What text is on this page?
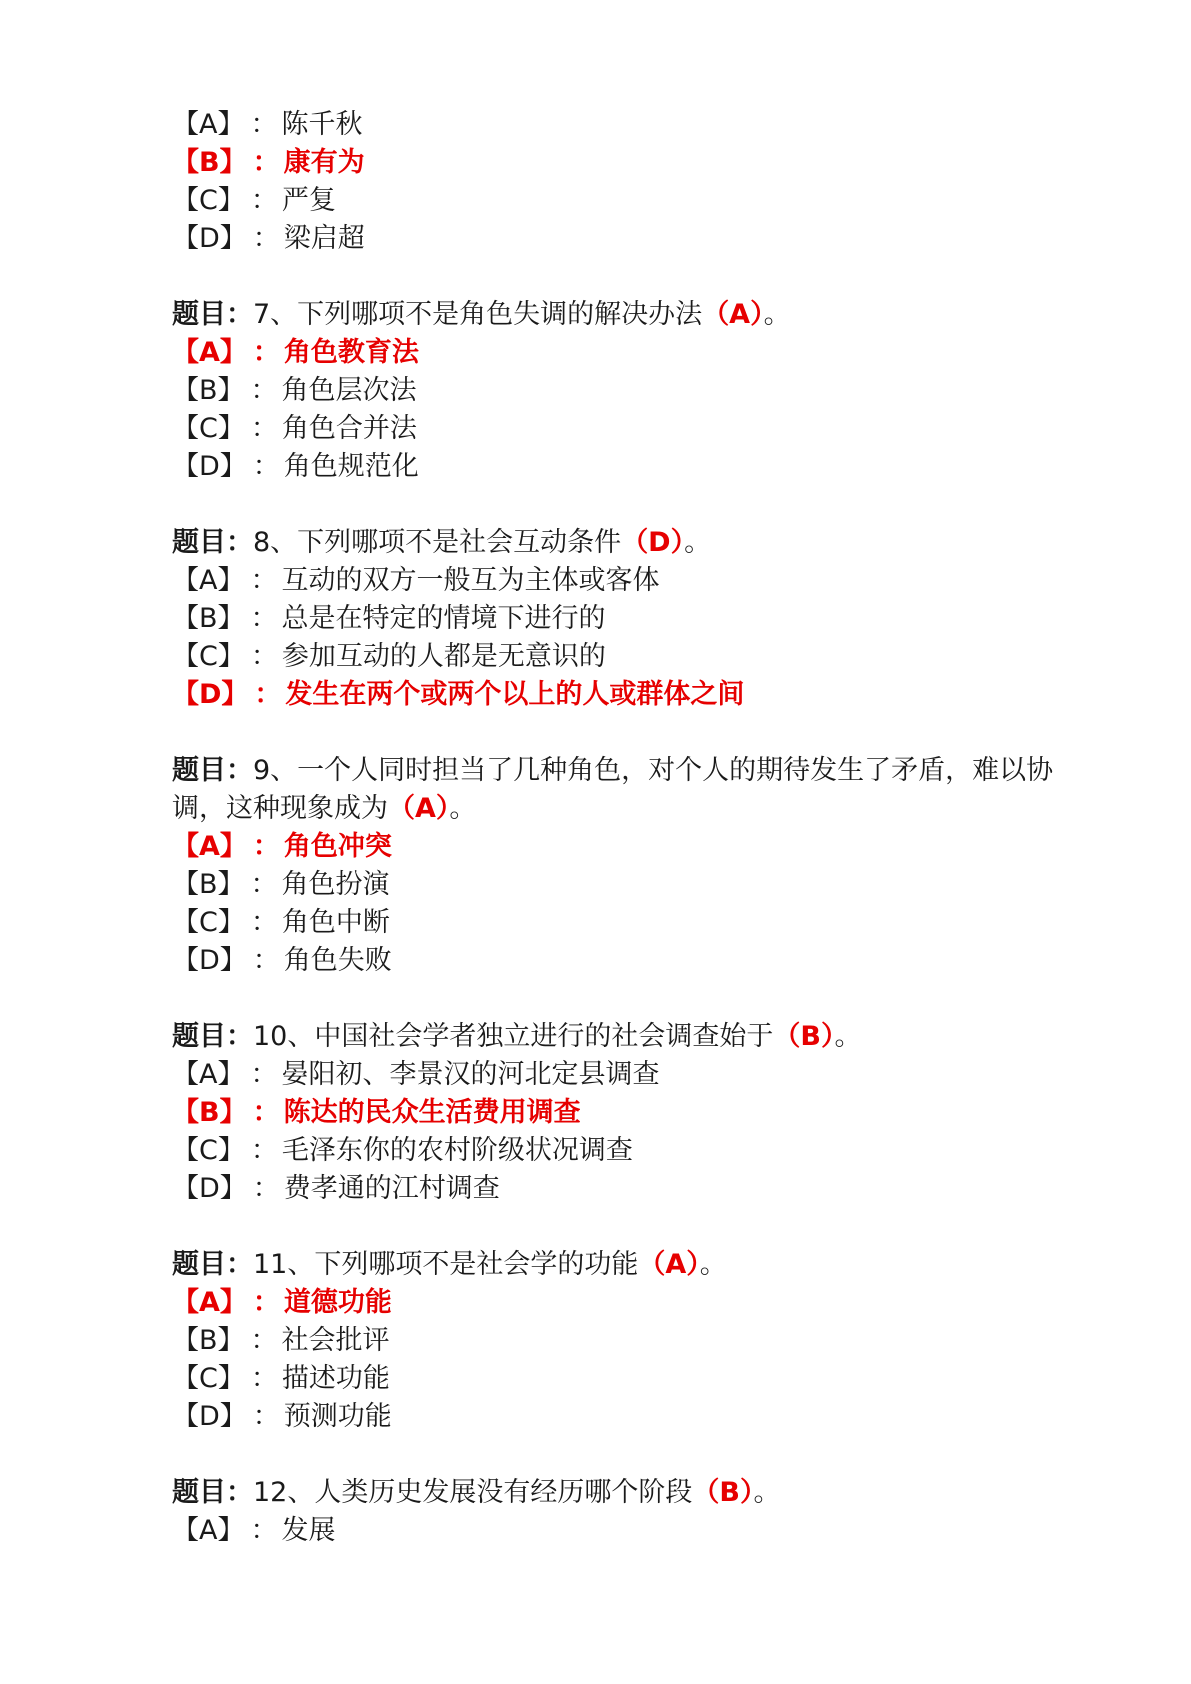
【A】 ： 陈千秋
【B】 ： 康有为
【C】 ： 严复
【D】 ： 梁启超
题目：7、下列哪项不是角色失调的解决办法（A）。
【A】 ： 角色教育法
【B】 ： 角色层次法
【C】 ： 角色合并法
【D】 ： 角色规范化
题目：8、下列哪项不是社会互动条件（D）。
【A】 ： 互动的双方一般互为主体或客体
【B】 ： 总是在特定的情境下进行的
【C】 ： 参加互动的人都是无意识的
【D】 ： 发生在两个或两个以上的人或群体之间
题目：9、一个人同时担当了几种角色，对个人的期待发生了矛盾，难以协调，这种现象成为（A）。
【A】 ： 角色冲突
【B】 ： 角色扮演
【C】 ： 角色中断
【D】 ： 角色失败
题目：10、中国社会学者独立进行的社会调查始于（B）。
【A】 ： 晏阳初、李景汉的河北定县调查
【B】 ： 陈达的民众生活费用调查
【C】 ： 毛泽东你的农村阶级状况调查
【D】 ： 费孝通的江村调查
题目：11、下列哪项不是社会学的功能（A）。
【A】 ： 道德功能
【B】 ： 社会批评
【C】 ： 描述功能
【D】 ： 预测功能
题目：12、人类历史发展没有经历哪个阶段（B）。
【A】 ： 发展
